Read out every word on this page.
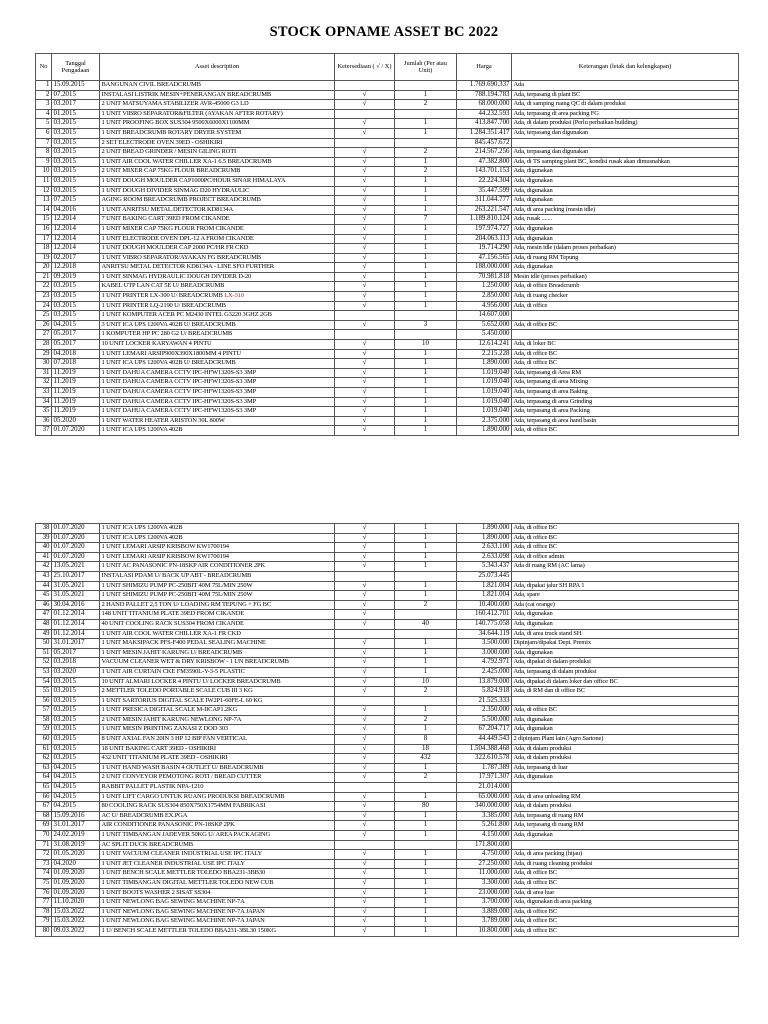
STOCK OPNAME ASSET BC 2022
No	Tanggal Pengadaan	Asset description	Ketersediaan ( √ / X)	Jumlah (Per atau Unit)	Harga	Keterangan (letak dan kelengkapan)
1	15.09.2015	BANGUNAN CIVIL BREADCRUMB			1.769.690.337	Ada
2	07.2015	INSTALASI LISTRIK MESIN+PENERANGAN BREADCRUMB	√	1	788.194.783	Ada, terpasang di plant BC
3	03.2017	2 UNIT MATSUYAMA STABILIZER AVR-45000 G3 LD	√	2	68.000.000	Ada, di samping ruang QC di dalam produksi
4	01.2015	1 UNIT VIBRO SEPARATOR&FILTER (AYAKAN AFTER ROTARY)			44.232.593	Ada, terpasang di area packing FG
5	03.2015	1 UNIT PROOFING BOX SUS304 9500X6000X1100MM	√	1	413.847.700	Ada, di dalam produksi (Perlu perbaikan building)
6	03.2015	1 UNIT BREADCRUMB ROTARY DRYER SYSTEM	√	1	1.284.351.417	Ada, terpasang dan digunakan
7	03.2015	2 SET ELECTRODE OVEN 39ED - OSHIKIRI			845.457.672	
8	03.2015	2 UNIT BREAD GRINDER / MESIN GILING ROTI	√	2	214.567.256	Ada, terpasang dan digunakan
9	03.2015	1 UNIT AIR COOL WATER CHILLER XA-1 6.5 BREADCRUMB	√	1	47.382.800	Ada, di TS samping plant BC, kondisi rusak akan dimusnahkan
10	03.2015	2 UNIT MIXER CAP 75KG FLOUR BREADCRUMB	√	2	143.701.153	Ada, digunakan
11	03.2015	1 UNIT DOUGH MOULDER CAP1000PC/HOUR SINAR HIMALAYA	√	1	22.224.304	Ada, digunakan
12	03.2015	1 UNIT DOUGH DIVIDER SINMAG D20 HYDRAULIC	√	1	35.447.599	Ada, digunakan
13	07.2015	AGING ROOM BREADCRUMB PROJECT BREADCRUMB	√	1	311.044.777	Ada, digunakan
14	04.2016	1 UNIT ANRITSU METAL DETECTOR KD8134A	√	1	263.221.547	Ada, di area packing (mesin idle)
15	12.2014	7 UNIT BAKING CART 39ED FROM CIKANDE	√	7	1.189.810.124	Ada, rusak .......
16	12.2014	1 UNIT MIXER CAP 75KG FLOUR FROM CIKANDE	√	1	197.974.727	Ada, digunakan
17	12.2014	1 UNIT ELECTRODE OVEN DPL-12 A FROM CIKANDE	√	1	204.063.113	Ada, digunakan
18	12.2014	1 UNIT DOUGH MOULDER CAP 2000 PC/HR FR CKD	√	1	19.714.290	Ada, mesin idle (dalam proses perbaikan)
19	02.2017	1 UNIT VIBRO SEPARATOR/AYAKAN FG BREADCRUMB	√	1	47.156.565	Ada, di ruang RM Tepung
20	12.2018	ANRITSU METAL DETECTOR KD8134A - LINE SFO FURTHER	√	1	188.000.000	Ada, digunakan
21	09.2019	1 UNIT SINMAG HYDRAULIC DOUGH DIVIDER D-20	√	1	70.981.818	Mesin idle (proses perbaikan)
22	03.2015	KABEL UTP LAN CAT 5E U/ BREADCRUMB	√	1	1.250.000	Ada, di office Breadcrumb
23	03.2015	1 UNIT PRINTER LX-300 U/ BREADCRUMB LX-310	√	1	2.850.000	Ada, di ruang checker
24	03.2015	1 UNIT PRINTER LQ-2190 U/ BREADCRUMB	√	1	4.956.000	Ada, di office
25	03.2015	1 UNIT KOMPUTER ACER PC M2430 INTEL G3220 3GHZ 2GB			14.607.000	
26	04.2015	3 UNIT ICA UPS 1200VA 402B U/ BREADCRUMB	√	3	5.652.000	Ada, di office BC
27	05.2017	1 KOMPUTER HP PC 280 G2 U/ BREADCRUMB			5.450.000	
28	05.2017	10 UNIT LOCKER KARYAWAN 4 PINTU	√	10	12.614.241	Ada, di loker BC
29	04.2018	1 UNIT LEMARI ARSIP900X390X1800MM 4 PINTU	√	1	2.215.228	Ada, di office BC
30	07.2018	1 UNIT ICA UPS 1200VA 402B U/ BREADCRUMB	√	1	1.890.000	Ada, di office BC
31	11.2019	1 UNIT DAHUA CAMERA CCTV IPC-HFW1320S-S3 3MP	√	1	1.019.040	Ada, terpasang di Area RM
32	11.2019	1 UNIT DAHUA CAMERA CCTV IPC-HFW1320S-S3 3MP	√	1	1.019.040	Ada, terpasang di area Mixing
33	11.2019	1 UNIT DAHUA CAMERA CCTV IPC-HFW1320S-S3 3MP	√	1	1.019.040	Ada, terpasang di area Baking
34	11.2019	1 UNIT DAHUA CAMERA CCTV IPC-HFW1320S-S3 3MP	√	1	1.019.040	Ada, terpasang di area Grinding
35	11.2019	1 UNIT DAHUA CAMERA CCTV IPC-HFW1320S-S3 3MP	√	1	1.019.040	Ada, terpasang di area Packing
36	05.2020	1 UNIT WATER HEATER ARISTON 30L 800W	√	1	2.375.000	Ada, terpasang di area hand basin
37	01.07.2020	1 UNIT ICA UPS 1200VA 402B	√	1	1.890.000	Ada, di office BC
38	01.07.2020	1 UNIT ICA UPS 1200VA 402B	√	1	1.890.000	Ada, di office BC
39	01.07.2020	1 UNIT ICA UPS 1200VA 402B	√	1	1.890.000	Ada, di office BC
40	01.07.2020	1 UNIT LEMARI ARSIP KRISBOW KW1700194	√	1	2.633.100	Ada, di office BC
41	01.07.2020	1 UNIT LEMARI ARSIP KRISBOW KW1700194	√	1	2.633.098	Ada, di office admin
42	13.05.2021	1 UNIT AC PANASONIC PN-18SKP AIR CONDITIONER 2PK	√	1	5.343.437	Ada di ruang RM (AC lama)
43	25.10.2017	INSTALASI PDAM U/ BACK UP ABT - BREADCRUMB			25.073.445	
44	31.05.2021	1 UNIT SHIMIZU PUMP PC-250BIT 40M 75L/MIN 250W	√	1	1.821.004	Ada, dipakai jalur SH RPA 1
45	31.05.2021	1 UNIT SHIMIZU PUMP PC-250BIT 40M 75L/MIN 250W	√	1	1.821.004	Ada, spare
46	30.04.2016	2 HAND PALLET 2,5 TON U/ LOADING RM TEPUNG + FG BC	√	2	10.400.000	Ada (cat orange)
47	01.12.2014	148 UNIT TITANIUM PLATE 39ED FROM CIKANDE	√		160.412.701	Ada, digunakan
48	01.12.2014	40 UNIT COOLING RACK SUS304 FROM CIKANDE	√	40	140.775.058	Ada, digunakan
49	01.12.2014	1 UNIT AIR COOL WATER CHILLER XA-1 FR CKD			34.644.119	Ada, di area truck stand SH
50	31.01.2017	1 UNIT MAKSIPACK PFS-F400 PEDAL SEALING MACHINE	√	1	3.500.000	Dipinjam/dipakai Dept. Premix
51	05.2017	1 UNIT MESIN JAHIT KARUNG U/ BREADCRUMB	√	1	3.000.000	Ada, digunakan
52	03.2018	VACUUM CLEANER WET & DRY KRISBOW - 1 UN BREADCRUMB	√	1	4.792.971	Ada, dipakai di dalam produksi
53	03.2020	1 UNIT AIR CURTAIN CKE FM3590L-Y-3-5 PLASTIC	√	1	2.425.000	Ada, terpasang di dalam produksi
54	03.2015	10 UNIT ALMARI LOCKER 4 PINTU U/ LOCKER BREADCRUMB	√	10	13.879.000	Ada, dipakai di dalam loker dan office BC
55	03.2015	2 METTLER TOLEDO PORTABLE SCALE CUB III 3 KG	√	2	5.824.918	Ada, di RM dan di office BC
56	03.2015	1 UNIT SARTORIUS DIGITAL SCALE IW2P1-60FE-L 60 KG			21.525.333	
57	03.2015	1 UNIT PRESICA DIGITAL SCALE M-IICAP1.2KG	√	1	2.350.000	Ada, di office BC
58	03.2015	2 UNIT MESIN JAHIT KARUNG NEWLONG NP-7A	√	2	5.500.000	Ada, digunakan
59	03.2015	1 UNIT MESIN PRINTING ZANASI Z DOD 303	√	1	67.204.717	Ada, digunakan
60	03.2015	8 UNIT AXIAL FAN 20IN 3 HP 12 BIP FAN VERTICAL	√	8	44.449.543	2 dipinjam Plant lain (Agro Sartone)
61	03.2015	18 UNIT BAKING CART 39ED - OSHIKIRI	√	18	1.504.388.468	Ada, di dalam produksi
62	03.2015	432 UNIT TITANIUM PLATE 39ED - OSHIKIRI	√	432	322.610.578	Ada, di dalam produksi
63	04.2015	1 UNIT HAND WASH BASIN 4 OUTLET U/ BREADCRUMB	√	1	1.787.389	Ada, terpasang di luar
64	04.2015	2 UNIT CONVEYOR PEMOTONG ROTI / BREAD CUTTER	√	2	17.971.307	Ada, digunakan
65	04.2015	RABBIT PALLET PLASTIK NPA-1210			21.014.000	
66	04.2015	1 UNIT LIFT CARGO UNTUK RUANG PRODUKSI BREADCRUMB	√	1	65.000.000	Ada, di area unloading RM
67	04.2015	80 COOLING RACK SUS304 850X750X1754MM FABRIKASI	√	80	340.000.000	Ada, di dalam produksi
68	15.09.2016	AC U/ BREADCRUMB EX.PGA	√	1	3.385.000	Ada, terpasang di ruang RM
69	31.01.2017	AIR CONDITIONER PANASONIC PN-18SKP 2PK	√	1	5.261.800	Ada, terpasang di ruang RM
70	24.02.2019	1 UNIT TIMBANGAN JADEVER 50KG U/ AREA PACKAGING	√	1	4.150.000	Ada, digunakan
71	31.08.2019	AC SPLIT DUCK BREADCRUMB			171.800.000	
72	01.05.2020	1 UNIT VACUUM CLEANER INDUSTRIAL USE IPC ITALY	√	1	4.750.000	Ada, di area packing (hijau)
73	04.2020	1 UNIT JET CLEANER INDUSTRIAL USE IPC ITALY	√	1	27.250.000	Ada, di ruang cleaning produksi
74	01.09.2020	1 UNIT BENCH SCALE METTLER TOLEDO BBA231-3BB30	√	1	11.000.000	Ada, di office BC
75	01.09.2020	1 UNIT TIMBANGAN DIGITAL METTLER TOLEDO NEW CUB	√	1	3.300.000	Ada, di office BC
76	01.09.2020	1 UNIT BOOTS WASHER 2 SISAT SS304	√	1	23.000.000	Ada, di area luar
77	11.10.2020	1 UNIT NEWLONG BAG SEWING MACHINE NP-7A	√	1	3.700.000	Ada, digunakan di area packing
78	15.03.2022	1 UNIT NEWLONG BAG SEWING MACHINE NP-7A JAPAN	√	1	3.889.000	Ada, di office BC
79	15.03.2022	1 UNIT NEWLONG BAG SEWING MACHINE NP-7A JAPAN	√	1	3.789.000	Ada, di office BC
80	09.03.2022	1 U/ BENCH SCALE METTLER TOLEDO BBA231-3BL30 150KG	√	1	10.800.000	Ada, di office BC
